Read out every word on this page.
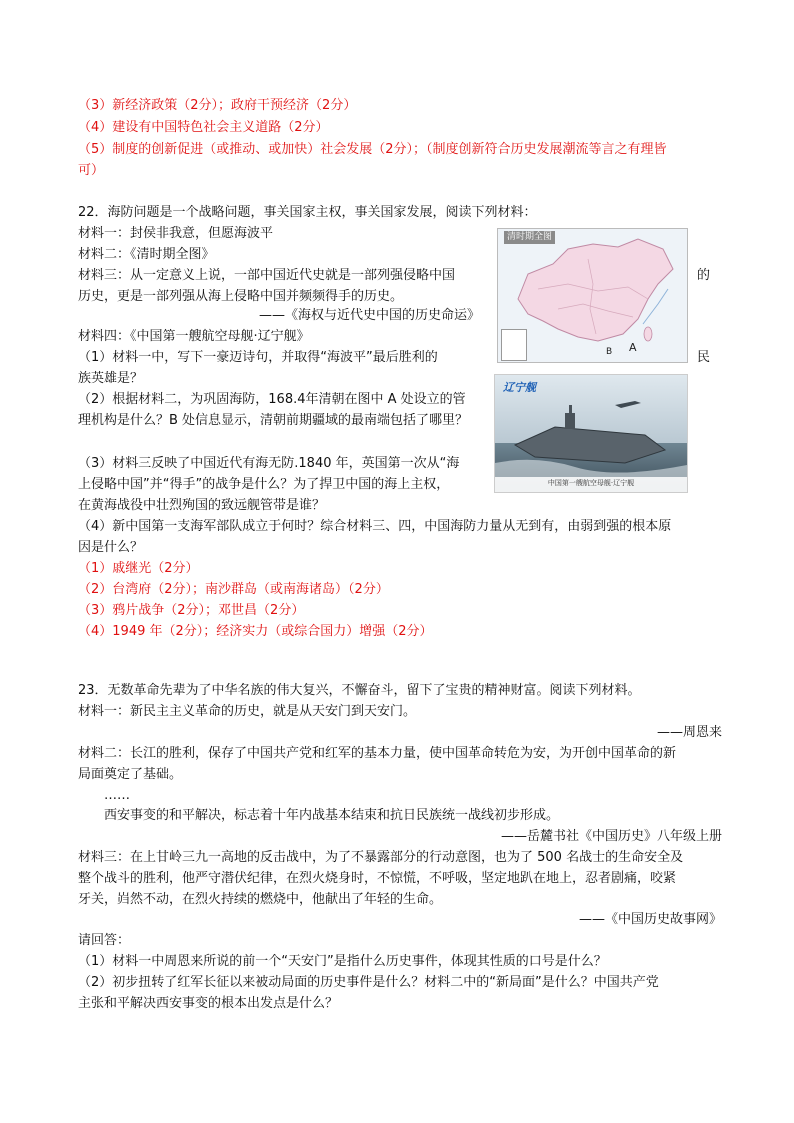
（3）新经济政策（2分）；政府干预经济（2分）
（4）建设有中国特色社会主义道路（2分）
（5）制度的创新促进（或推动、或加快）社会发展（2分）；（制度创新符合历史发展潮流等言之有理皆
可）
22．海防问题是一个战略问题，事关国家主权，事关国家发展，阅读下列材料：
材料一：封侯非我意，但愿海波平
材料二：《清时期全图》
材料三：从一定意义上说，一部中国近代史就是一部列强侵略中国	的
历史，更是一部列强从海上侵略中国并频频得手的历史。
——《海权与近代史中国的历史命运》
材料四：《中国第一艘航空母舰·辽宁舰》
（1）材料一中，写下一豪迈诗句，并取得“海波平”最后胜利的	民
族英雄是？
（2）根据材料二，为巩固海防，168.4年清朝在图中 A 处设立的管
理机构是什么？B 处信息显示，清朝前期疆域的最南端包括了哪里？
（3）材料三反映了中国近代有海无防.1840 年，英国第一次从“海
上侵略中国”并“得手”的战争是什么？为了捍卫中国的海上主权，
在黄海战役中壮烈殉国的致远舰管带是谁？
（4）新中国第一支海军部队成立于何时？综合材料三、四，中国海防力量从无到有，由弱到强的根本原
因是什么？
（1）戚继光（2分）
（2）台湾府（2分）；南沙群岛（或南海诸岛）（2分）
（3）鸦片战争（2分）；邓世昌（2分）
（4）1949 年（2分）；经济实力（或综合国力）增强（2分）
清时期全图
A
B
辽宁舰
中国第一艘航空母舰·辽宁舰
23．无数革命先辈为了中华名族的伟大复兴，不懈奋斗，留下了宝贵的精神财富。阅读下列材料。
材料一：新民主主义革命的历史，就是从天安门到天安门。
——周恩来
材料二：长江的胜利，保存了中国共产党和红军的基本力量，使中国革命转危为安，为开创中国革命的新
局面奠定了基础。
……
西安事变的和平解决，标志着十年内战基本结束和抗日民族统一战线初步形成。
——岳麓书社《中国历史》八年级上册
材料三：在上甘岭三九一高地的反击战中，为了不暴露部分的行动意图，也为了 500 名战士的生命安全及
整个战斗的胜利，他严守潜伏纪律，在烈火烧身时，不惊慌，不呼吸，坚定地趴在地上，忍者剧痛，咬紧
牙关，岿然不动，在烈火持续的燃烧中，他献出了年轻的生命。
——《中国历史故事网》
请回答：
（1）材料一中周恩来所说的前一个“天安门”是指什么历史事件，体现其性质的口号是什么？
（2）初步扭转了红军长征以来被动局面的历史事件是什么？材料二中的“新局面”是什么？中国共产党
主张和平解决西安事变的根本出发点是什么？
